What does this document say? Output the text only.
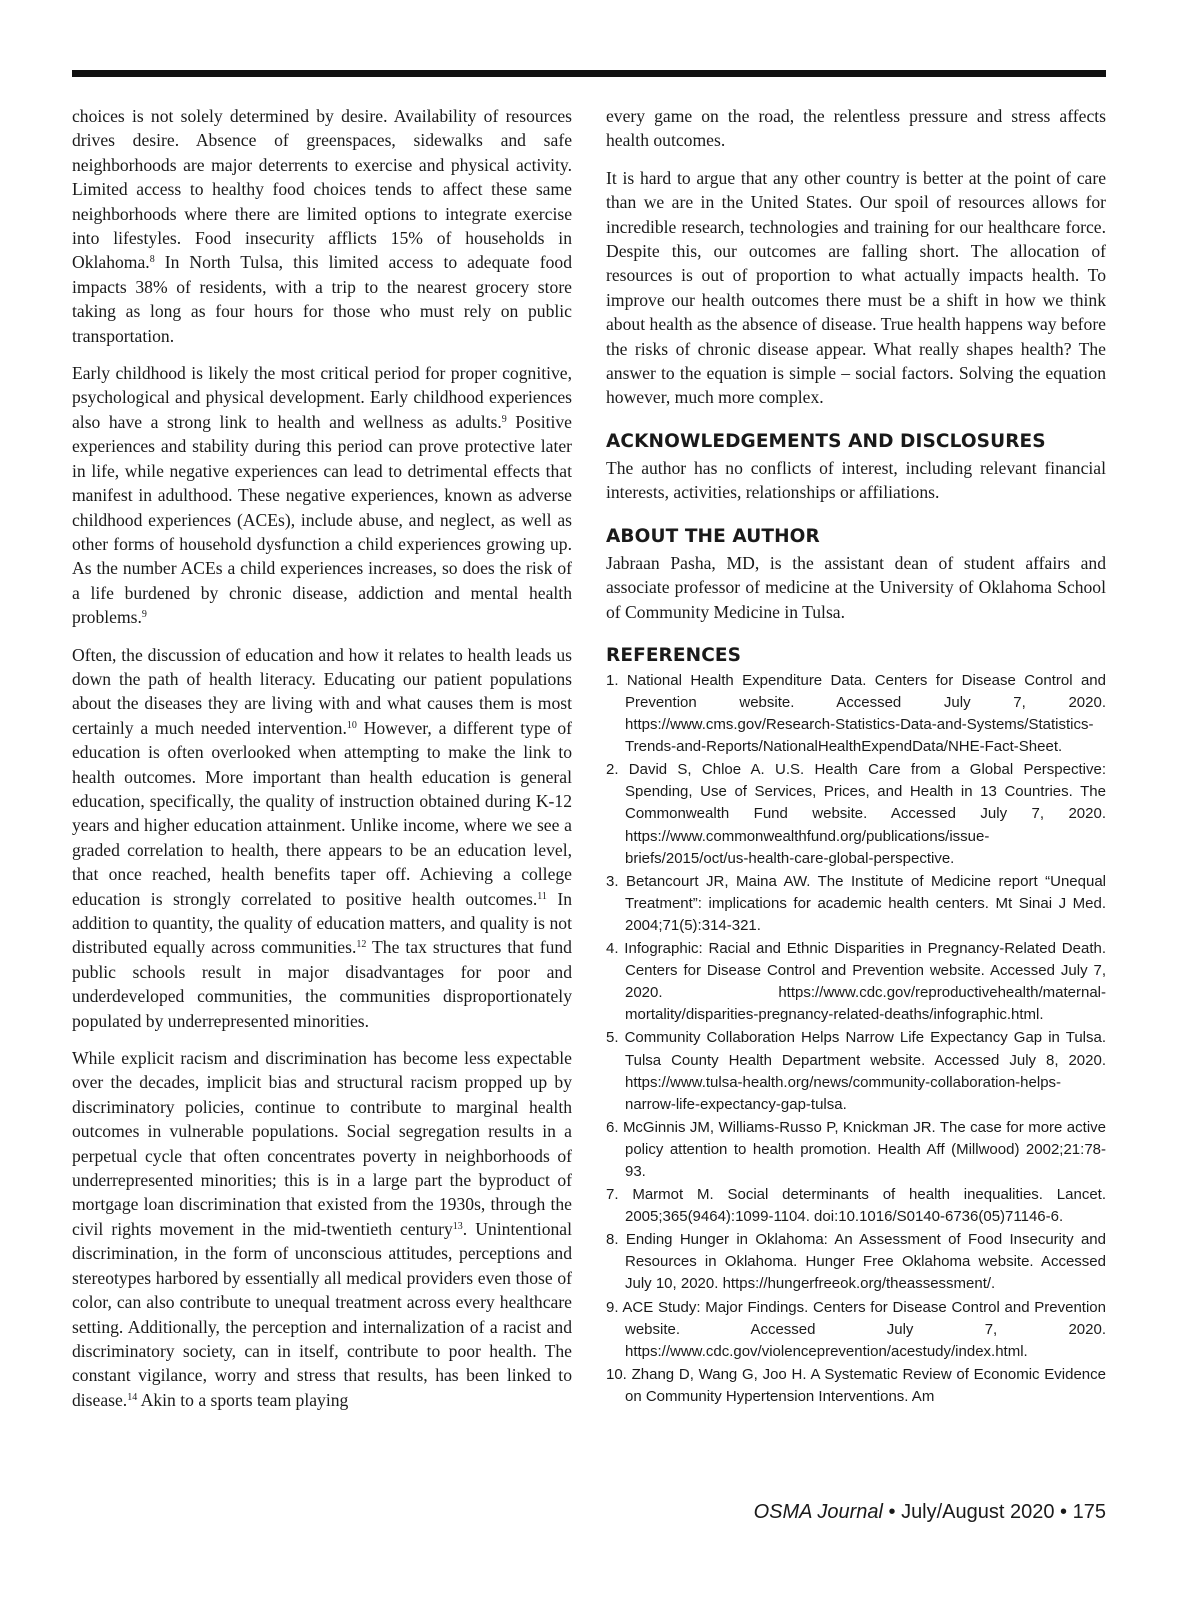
choices is not solely determined by desire. Availability of resources drives desire. Absence of greenspaces, sidewalks and safe neighborhoods are major deterrents to exercise and physical activity. Limited access to healthy food choices tends to affect these same neighborhoods where there are limited options to integrate exercise into lifestyles. Food insecurity afflicts 15% of households in Oklahoma.$^8$ In North Tulsa, this limited access to adequate food impacts 38% of residents, with a trip to the nearest grocery store taking as long as four hours for those who must rely on public transportation.

Early childhood is likely the most critical period for proper cognitive, psychological and physical development. Early childhood experiences also have a strong link to health and wellness as adults.$^9$ Positive experiences and stability during this period can prove protective later in life, while negative experiences can lead to detrimental effects that manifest in adulthood. These negative experiences, known as adverse childhood experiences (ACEs), include abuse, and neglect, as well as other forms of household dysfunction a child experiences growing up. As the number ACEs a child experiences increases, so does the risk of a life burdened by chronic disease, addiction and mental health problems.$^9$

Often, the discussion of education and how it relates to health leads us down the path of health literacy. Educating our patient populations about the diseases they are living with and what causes them is most certainly a much needed intervention.$^{10}$ However, a different type of education is often overlooked when attempting to make the link to health outcomes. More important than health education is general education, specifically, the quality of instruction obtained during K-12 years and higher education attainment. Unlike income, where we see a graded correlation to health, there appears to be an education level, that once reached, health benefits taper off. Achieving a college education is strongly correlated to positive health outcomes.$^{11}$ In addition to quantity, the quality of education matters, and quality is not distributed equally across communities.$^{12}$ The tax structures that fund public schools result in major disadvantages for poor and underdeveloped communities, the communities disproportionately populated by underrepresented minorities.

While explicit racism and discrimination has become less expectable over the decades, implicit bias and structural racism propped up by discriminatory policies, continue to contribute to marginal health outcomes in vulnerable populations. Social segregation results in a perpetual cycle that often concentrates poverty in neighborhoods of underrepresented minorities; this is in a large part the byproduct of mortgage loan discrimination that existed from the 1930s, through the civil rights movement in the mid-twentieth century$^{13}$. Unintentional discrimination, in the form of unconscious attitudes, perceptions and stereotypes harbored by essentially all medical providers even those of color, can also contribute to unequal treatment across every healthcare setting. Additionally, the perception and internalization of a racist and discriminatory society, can in itself, contribute to poor health. The constant vigilance, worry and stress that results, has been linked to disease.$^{14}$ Akin to a sports team playing

every game on the road, the relentless pressure and stress affects health outcomes.

It is hard to argue that any other country is better at the point of care than we are in the United States. Our spoil of resources allows for incredible research, technologies and training for our healthcare force. Despite this, our outcomes are falling short. The allocation of resources is out of proportion to what actually impacts health. To improve our health outcomes there must be a shift in how we think about health as the absence of disease. True health happens way before the risks of chronic disease appear. What really shapes health? The answer to the equation is simple – social factors. Solving the equation however, much more complex.

ACKNOWLEDGEMENTS AND DISCLOSURES

The author has no conflicts of interest, including relevant financial interests, activities, relationships or affiliations.

ABOUT THE AUTHOR

Jabraan Pasha, MD, is the assistant dean of student affairs and associate professor of medicine at the University of Oklahoma School of Community Medicine in Tulsa.

REFERENCES
1. National Health Expenditure Data. Centers for Disease Control and Prevention website. Accessed July 7, 2020. https://www.cms.gov/Research-Statistics-Data-and-Systems/Statistics-Trends-and-Reports/NationalHealthExpendData/NHE-Fact-Sheet.
2. David S, Chloe A. U.S. Health Care from a Global Perspective: Spending, Use of Services, Prices, and Health in 13 Countries. The Commonwealth Fund website. Accessed July 7, 2020. https://www.commonwealthfund.org/publications/issue-briefs/2015/oct/us-health-care-global-perspective.
3. Betancourt JR, Maina AW. The Institute of Medicine report “Unequal Treatment”: implications for academic health centers. Mt Sinai J Med. 2004;71(5):314-321.
4. Infographic: Racial and Ethnic Disparities in Pregnancy-Related Death. Centers for Disease Control and Prevention website. Accessed July 7, 2020. https://www.cdc.gov/reproductivehealth/maternal-mortality/disparities-pregnancy-related-deaths/infographic.html.
5. Community Collaboration Helps Narrow Life Expectancy Gap in Tulsa. Tulsa County Health Department website. Accessed July 8, 2020. https://www.tulsa-health.org/news/community-collaboration-helps-narrow-life-expectancy-gap-tulsa.
6. McGinnis JM, Williams-Russo P, Knickman JR. The case for more active policy attention to health promotion. Health Aff (Millwood) 2002;21:78-93.
7. Marmot M. Social determinants of health inequalities. Lancet. 2005;365(9464):1099-1104. doi:10.1016/S0140-6736(05)71146-6.
8. Ending Hunger in Oklahoma: An Assessment of Food Insecurity and Resources in Oklahoma. Hunger Free Oklahoma website. Accessed July 10, 2020. https://hungerfreeok.org/theassessment/.
9. ACE Study: Major Findings. Centers for Disease Control and Prevention website. Accessed July 7, 2020. https://www.cdc.gov/violenceprevention/acestudy/index.html.
10. Zhang D, Wang G, Joo H. A Systematic Review of Economic Evidence on Community Hypertension Interventions. Am
OSMA Journal • July/August 2020 • 175
